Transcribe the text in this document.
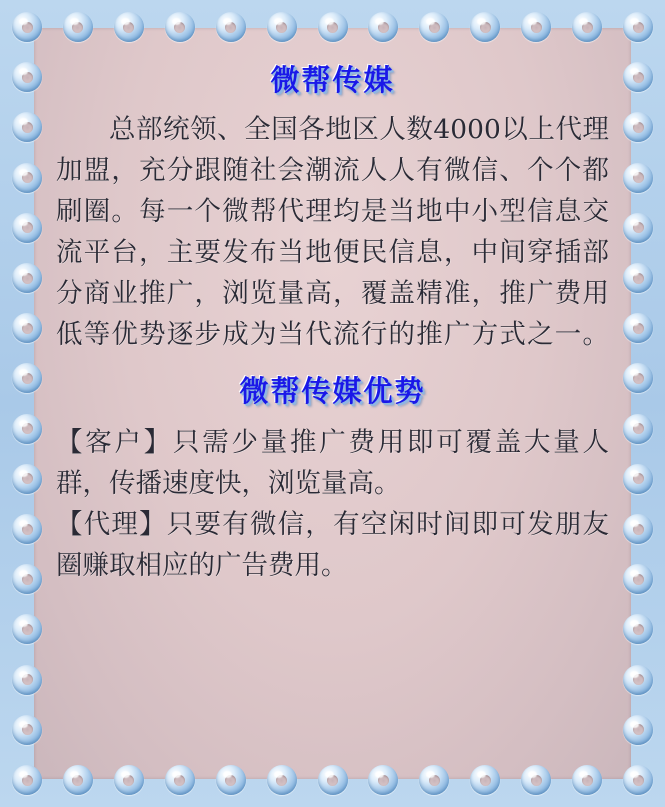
微帮传媒

总部统领、全国各地区人数4000以上代理加盟，充分跟随社会潮流人人有微信、个个都刷圈。每一个微帮代理均是当地中小型信息交流平台，主要发布当地便民信息，中间穿插部分商业推广，浏览量高，覆盖精准，推广费用低等优势逐步成为当代流行的推广方式之一。

微帮传媒优势

【客户】只需少量推广费用即可覆盖大量人群，传播速度快，浏览量高。

【代理】只要有微信，有空闲时间即可发朋友圈赚取相应的广告费用。
